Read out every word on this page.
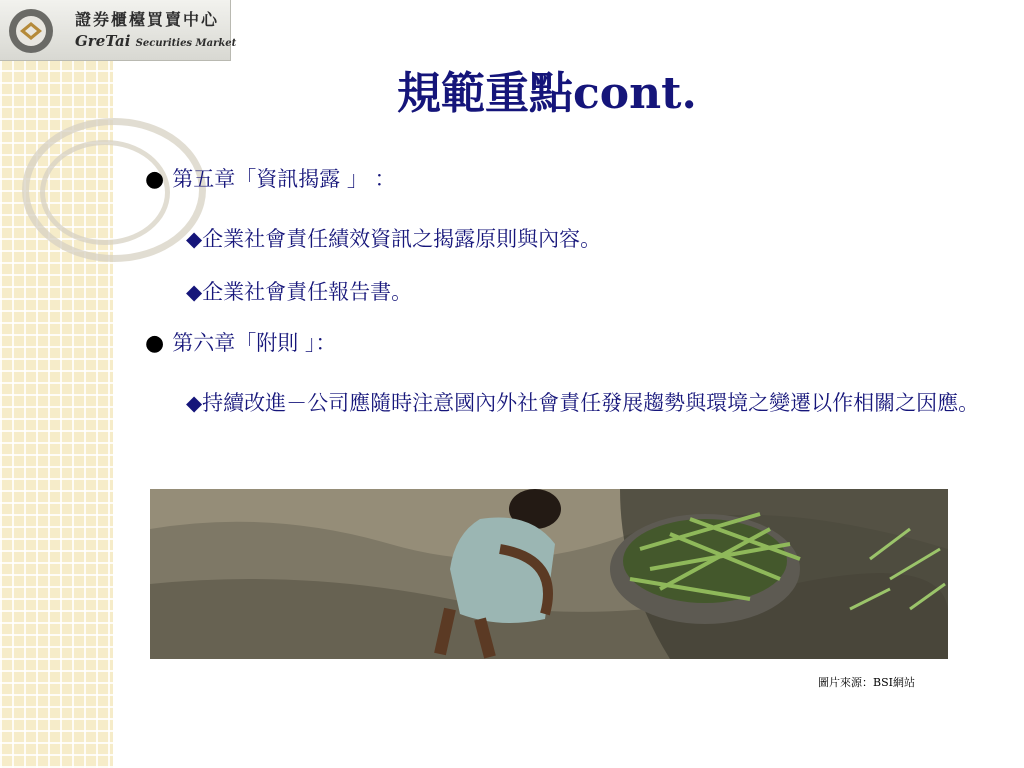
證券櫃檯買賣中心
GreTai Securities Market
規範重點cont.
● 第五章「資訊揭露 」 ：
◆企業社會責任績效資訊之揭露原則與內容。
◆企業社會責任報告書。
● 第六章「附則 」：
◆持續改進－公司應隨時注意國內外社會責任發展趨勢與環境之變遷以作相關之因應。
圖片來源：BSI網站
